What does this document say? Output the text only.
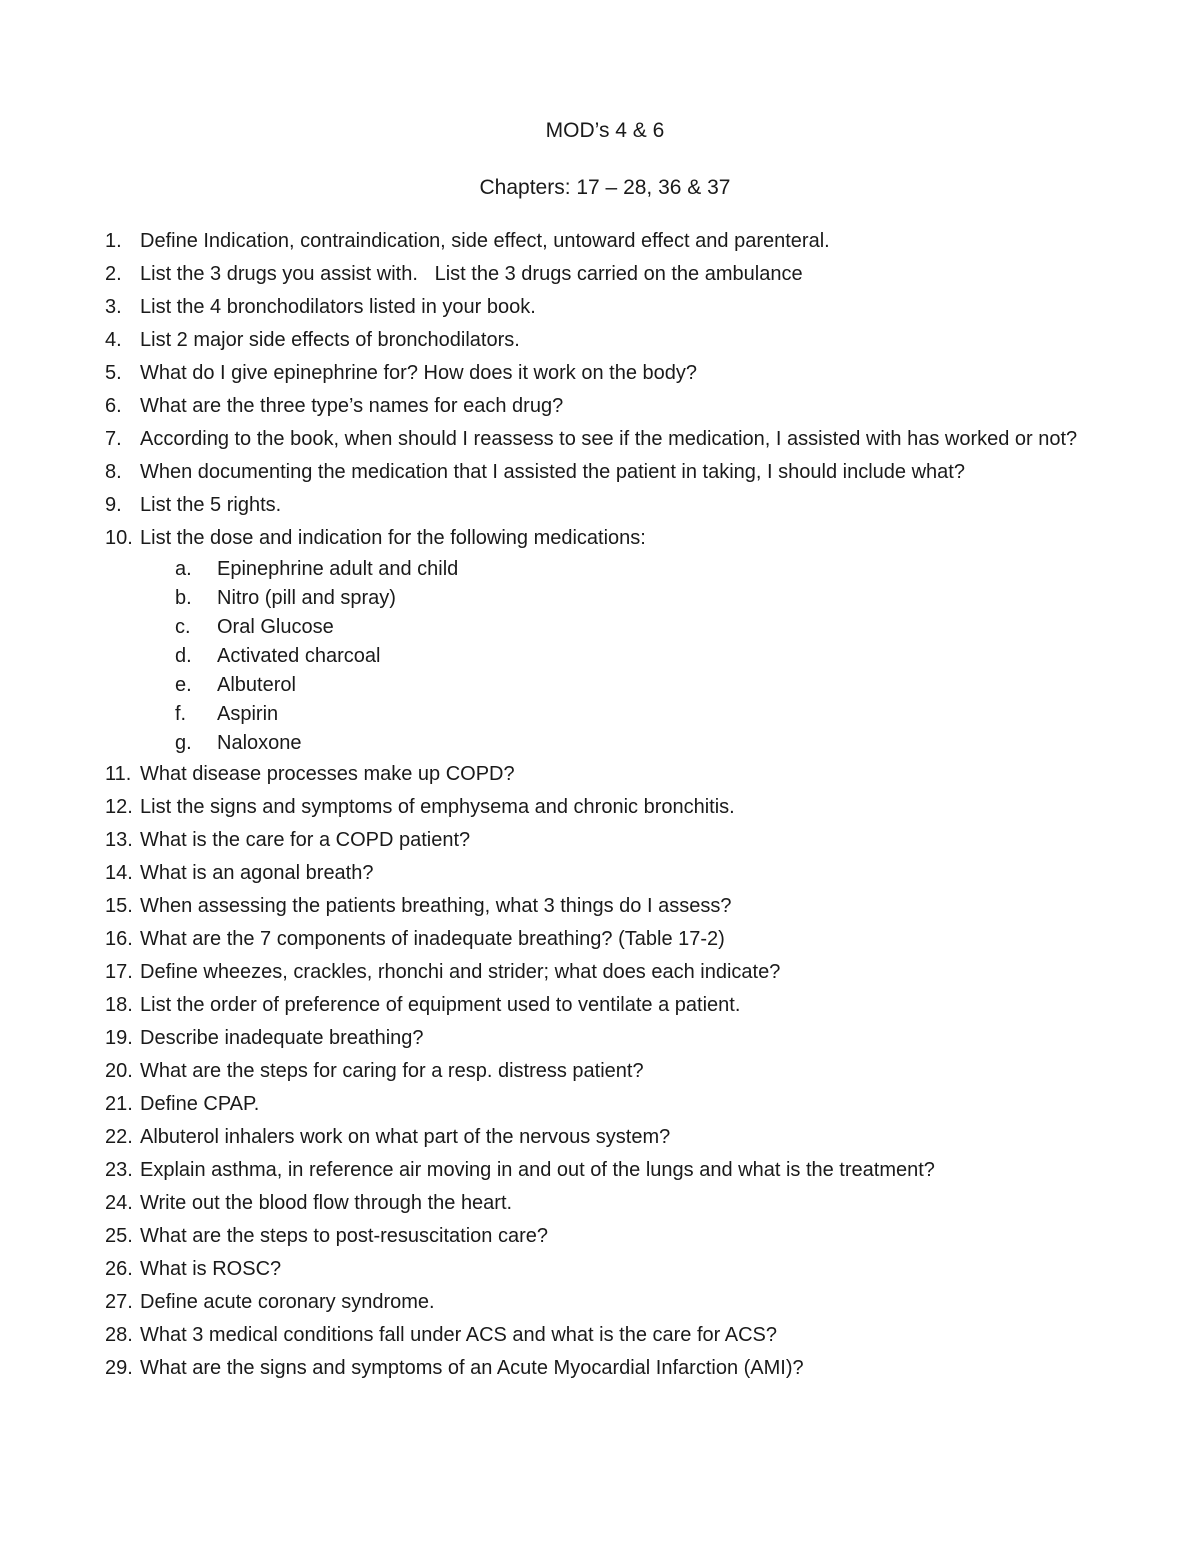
MOD’s 4 & 6
Chapters: 17 – 28, 36 & 37
1. Define Indication, contraindication, side effect, untoward effect and parenteral.
2. List the 3 drugs you assist with.   List the 3 drugs carried on the ambulance
3. List the 4 bronchodilators listed in your book.
4. List 2 major side effects of bronchodilators.
5. What do I give epinephrine for? How does it work on the body?
6. What are the three type’s names for each drug?
7. According to the book, when should I reassess to see if the medication, I assisted with has worked or not?
8. When documenting the medication that I assisted the patient in taking, I should include what?
9. List the 5 rights.
10. List the dose and indication for the following medications:
a.	Epinephrine adult and child
b.	Nitro (pill and spray)
c.	Oral Glucose
d.	Activated charcoal
e.	Albuterol
f.	Aspirin
g.	Naloxone
11. What disease processes make up COPD?
12. List the signs and symptoms of emphysema and chronic bronchitis.
13. What is the care for a COPD patient?
14. What is an agonal breath?
15. When assessing the patients breathing, what 3 things do I assess?
16. What are the 7 components of inadequate breathing? (Table 17-2)
17. Define wheezes, crackles, rhonchi and strider; what does each indicate?
18. List the order of preference of equipment used to ventilate a patient.
19. Describe inadequate breathing?
20. What are the steps for caring for a resp. distress patient?
21. Define CPAP.
22. Albuterol inhalers work on what part of the nervous system?
23. Explain asthma, in reference air moving in and out of the lungs and what is the treatment?
24. Write out the blood flow through the heart.
25. What are the steps to post-resuscitation care?
26. What is ROSC?
27. Define acute coronary syndrome.
28. What 3 medical conditions fall under ACS and what is the care for ACS?
29. What are the signs and symptoms of an Acute Myocardial Infarction (AMI)?
